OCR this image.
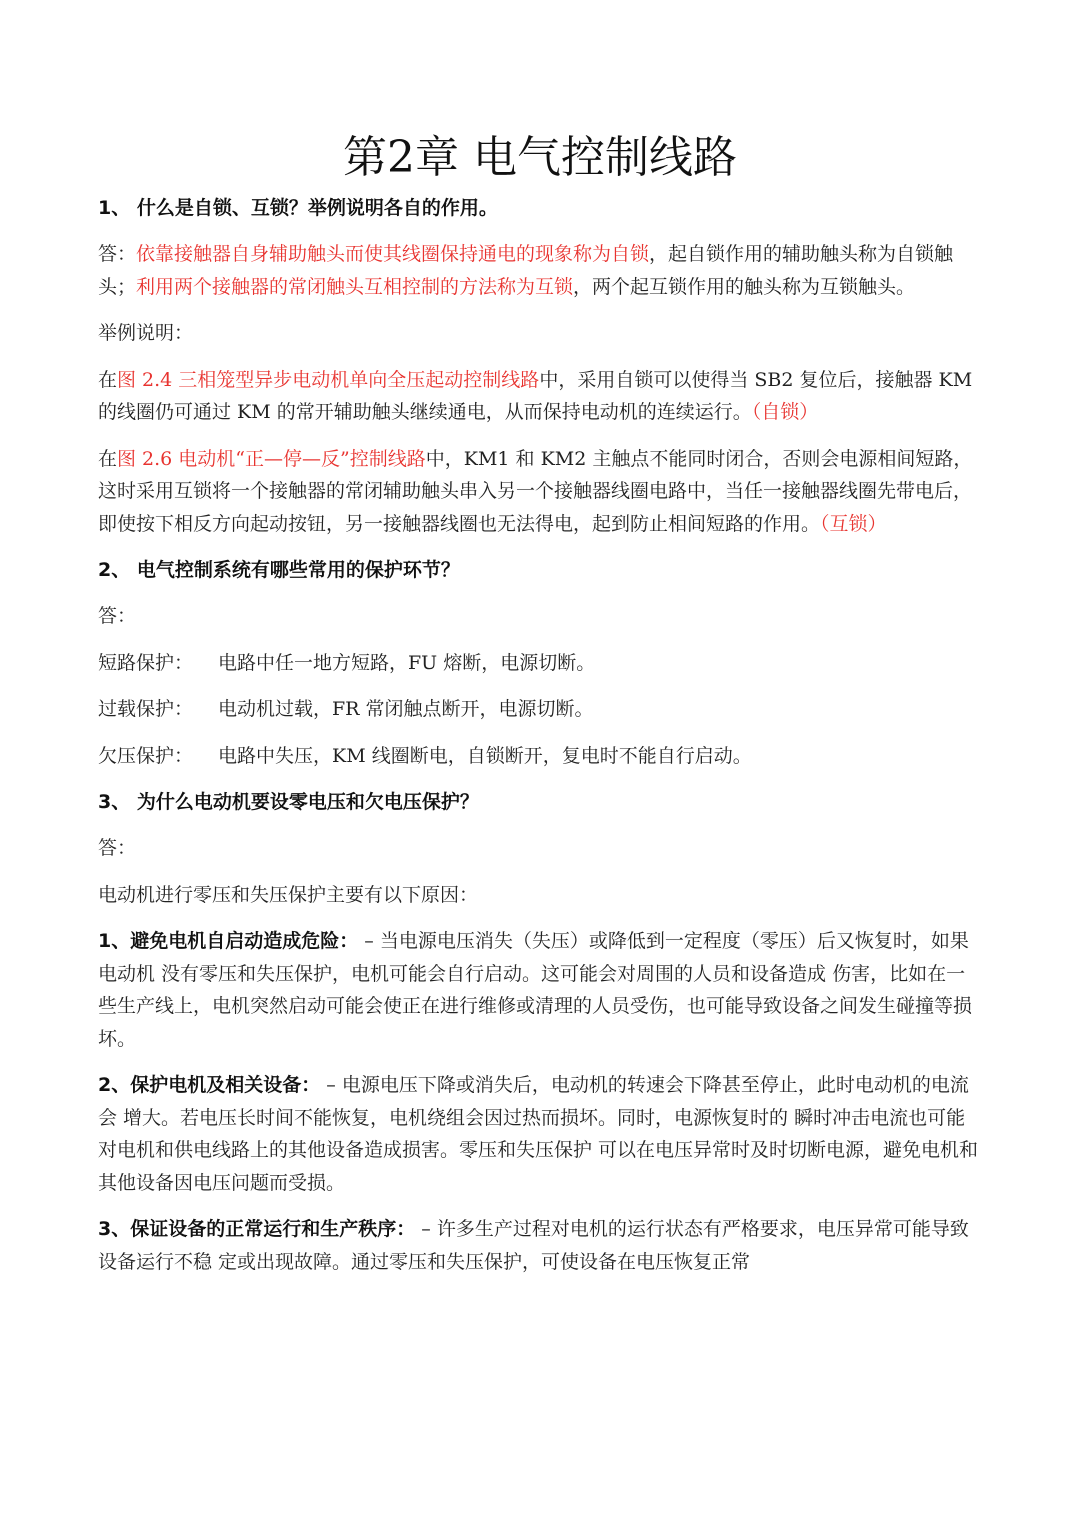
第2章 电气控制线路
1、 什么是自锁、互锁？举例说明各自的作用。
答：依靠接触器自身辅助触头而使其线圈保持通电的现象称为自锁，起自锁作用的辅助触头称为自锁触头；利用两个接触器的常闭触头互相控制的方法称为互锁，两个起互锁作用的触头称为互锁触头。
举例说明：
在图 2.4 三相笼型异步电动机单向全压起动控制线路中，采用自锁可以使得当 SB2 复位后，接触器 KM 的线圈仍可通过 KM 的常开辅助触头继续通电，从而保持电动机的连续运行。（自锁）
在图 2.6 电动机“正—停—反”控制线路中，KM1 和 KM2 主触点不能同时闭合，否则会电源相间短路，这时采用互锁将一个接触器的常闭辅助触头串入另一个接触器线圈电路中，当任一接触器线圈先带电后，即使按下相反方向起动按钮，另一接触器线圈也无法得电，起到防止相间短路的作用。（互锁）
2、 电气控制系统有哪些常用的保护环节？
答：
短路保护： 电路中任一地方短路，FU 熔断，电源切断。
过载保护： 电动机过载，FR 常闭触点断开，电源切断。
欠压保护： 电路中失压，KM 线圈断电，自锁断开，复电时不能自行启动。
3、 为什么电动机要设零电压和欠电压保护？
答：
电动机进行零压和失压保护主要有以下原因：
1、避免电机自启动造成危险： – 当电源电压消失（失压）或降低到一定程度（零压）后又恢复时，如果电动机 没有零压和失压保护，电机可能会自行启动。这可能会对周围的人员和设备造成 伤害，比如在一些生产线上，电机突然启动可能会使正在进行维修或清理的人员受伤，也可能导致设备之间发生碰撞等损坏。
2、保护电机及相关设备： – 电源电压下降或消失后，电动机的转速会下降甚至停止，此时电动机的电流会 增大。若电压长时间不能恢复，电机绕组会因过热而损坏。同时，电源恢复时的 瞬时冲击电流也可能对电机和供电线路上的其他设备造成损害。零压和失压保护 可以在电压异常时及时切断电源，避免电机和其他设备因电压问题而受损。
3、保证设备的正常运行和生产秩序： – 许多生产过程对电机的运行状态有严格要求，电压异常可能导致设备运行不稳 定或出现故障。通过零压和失压保护，可使设备在电压恢复正常
